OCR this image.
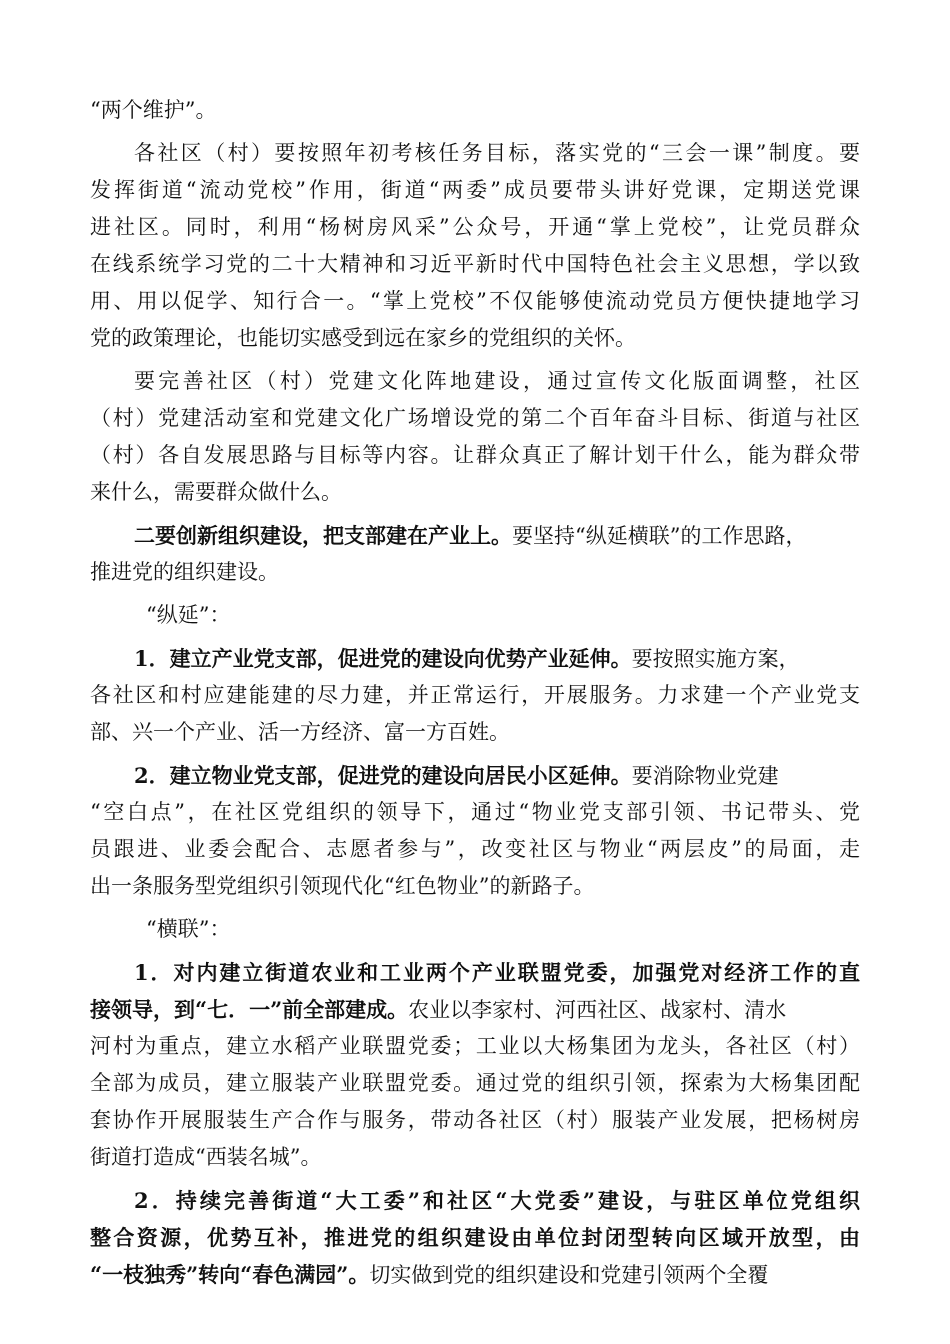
“两个维护”。
各社区（村）要按照年初考核任务目标，落实党的“三会一课”制度。要
发挥街道“流动党校”作用，街道“两委”成员要带头讲好党课，定期送党课
进社区。同时，利用“杨树房风采”公众号，开通“掌上党校”，让党员群众
在线系统学习党的二十大精神和习近平新时代中国特色社会主义思想，学以致
用、用以促学、知行合一。“掌上党校”不仅能够使流动党员方便快捷地学习
党的政策理论，也能切实感受到远在家乡的党组织的关怀。
要完善社区（村）党建文化阵地建设，通过宣传文化版面调整，社区
（村）党建活动室和党建文化广场增设党的第二个百年奋斗目标、街道与社区
（村）各自发展思路与目标等内容。让群众真正了解计划干什么，能为群众带
来什么，需要群众做什么。
二要创新组织建设，把支部建在产业上。要坚持“纵延横联”的工作思路，
推进党的组织建设。
“纵延”：
1．建立产业党支部，促进党的建设向优势产业延伸。要按照实施方案，
各社区和村应建能建的尽力建，并正常运行，开展服务。力求建一个产业党支
部、兴一个产业、活一方经济、富一方百姓。
2．建立物业党支部，促进党的建设向居民小区延伸。要消除物业党建
“空白点”，在社区党组织的领导下，通过“物业党支部引领、书记带头、党
员跟进、业委会配合、志愿者参与”，改变社区与物业“两层皮”的局面，走
出一条服务型党组织引领现代化“红色物业”的新路子。
“横联”：
1．对内建立街道农业和工业两个产业联盟党委，加强党对经济工作的直
接领导，到“七．一”前全部建成。农业以李家村、河西社区、战家村、清水
河村为重点，建立水稻产业联盟党委；工业以大杨集团为龙头，各社区（村）
全部为成员，建立服装产业联盟党委。通过党的组织引领，探索为大杨集团配
套协作开展服装生产合作与服务，带动各社区（村）服装产业发展，把杨树房
街道打造成“西装名城”。
2．持续完善街道“大工委”和社区“大党委”建设，与驻区单位党组织
整合资源，优势互补，推进党的组织建设由单位封闭型转向区域开放型，由
“一枝独秀”转向“春色满园”。切实做到党的组织建设和党建引领两个全覆
